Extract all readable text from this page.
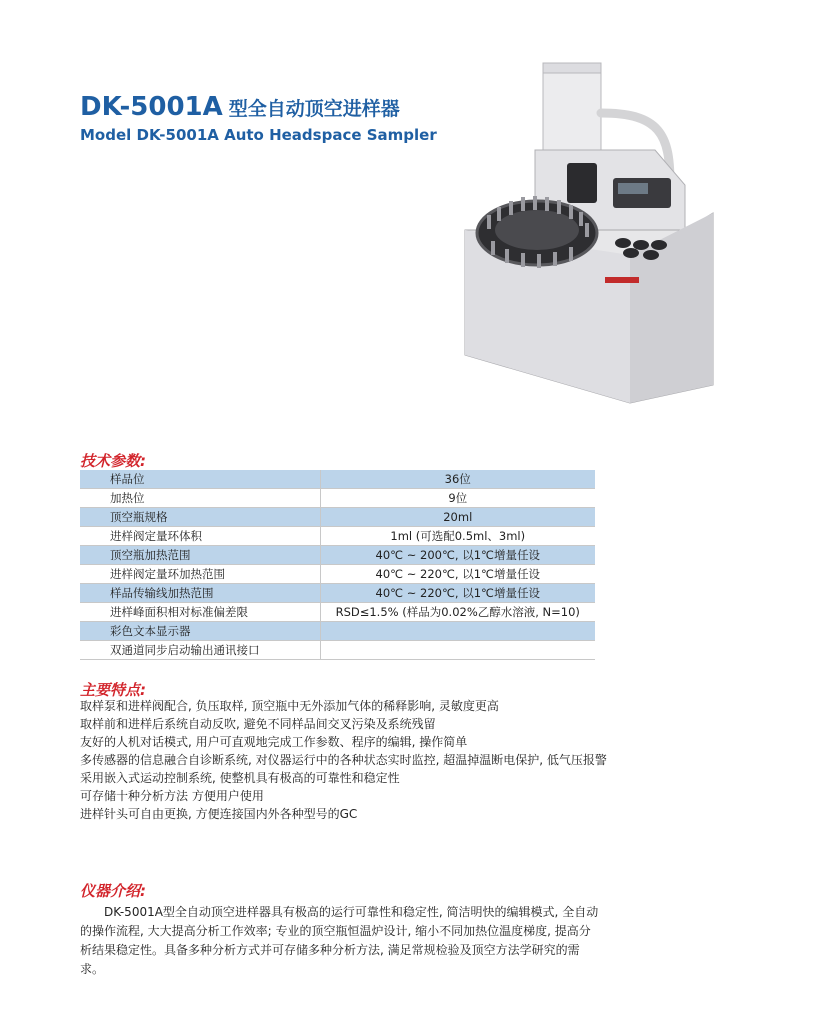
DK-5001A 型全自动顶空进样器
Model DK-5001A Auto Headspace Sampler
技术参数:
样品位	36位
加热位	9位
顶空瓶规格	20ml
进样阀定量环体积	1ml (可选配0.5ml、3ml)
顶空瓶加热范围	40℃ ~ 200℃, 以1℃增量任设
进样阀定量环加热范围	40℃ ~ 220℃, 以1℃增量任设
样品传输线加热范围	40℃ ~ 220℃, 以1℃增量任设
进样峰面积相对标准偏差限	RSD≤1.5% (样品为0.02%乙醇水溶液, N=10)
彩色文本显示器	
双通道同步启动输出通讯接口	
主要特点:
取样泵和进样阀配合, 负压取样, 顶空瓶中无外添加气体的稀释影响, 灵敏度更高
取样前和进样后系统自动反吹, 避免不同样品间交叉污染及系统残留
友好的人机对话模式, 用户可直观地完成工作参数、程序的编辑, 操作简单
多传感器的信息融合自诊断系统, 对仪器运行中的各种状态实时监控, 超温掉温断电保护, 低气压报警
采用嵌入式运动控制系统, 使整机具有极高的可靠性和稳定性
可存储十种分析方法 方便用户使用
进样针头可自由更换, 方便连接国内外各种型号的GC
仪器介绍:
DK-5001A型全自动顶空进样器具有极高的运行可靠性和稳定性, 简洁明快的编辑模式, 全自动的操作流程, 大大提高分析工作效率; 专业的顶空瓶恒温炉设计, 缩小不同加热位温度梯度, 提高分析结果稳定性。具备多种分析方式并可存储多种分析方法, 满足常规检验及顶空方法学研究的需求。
